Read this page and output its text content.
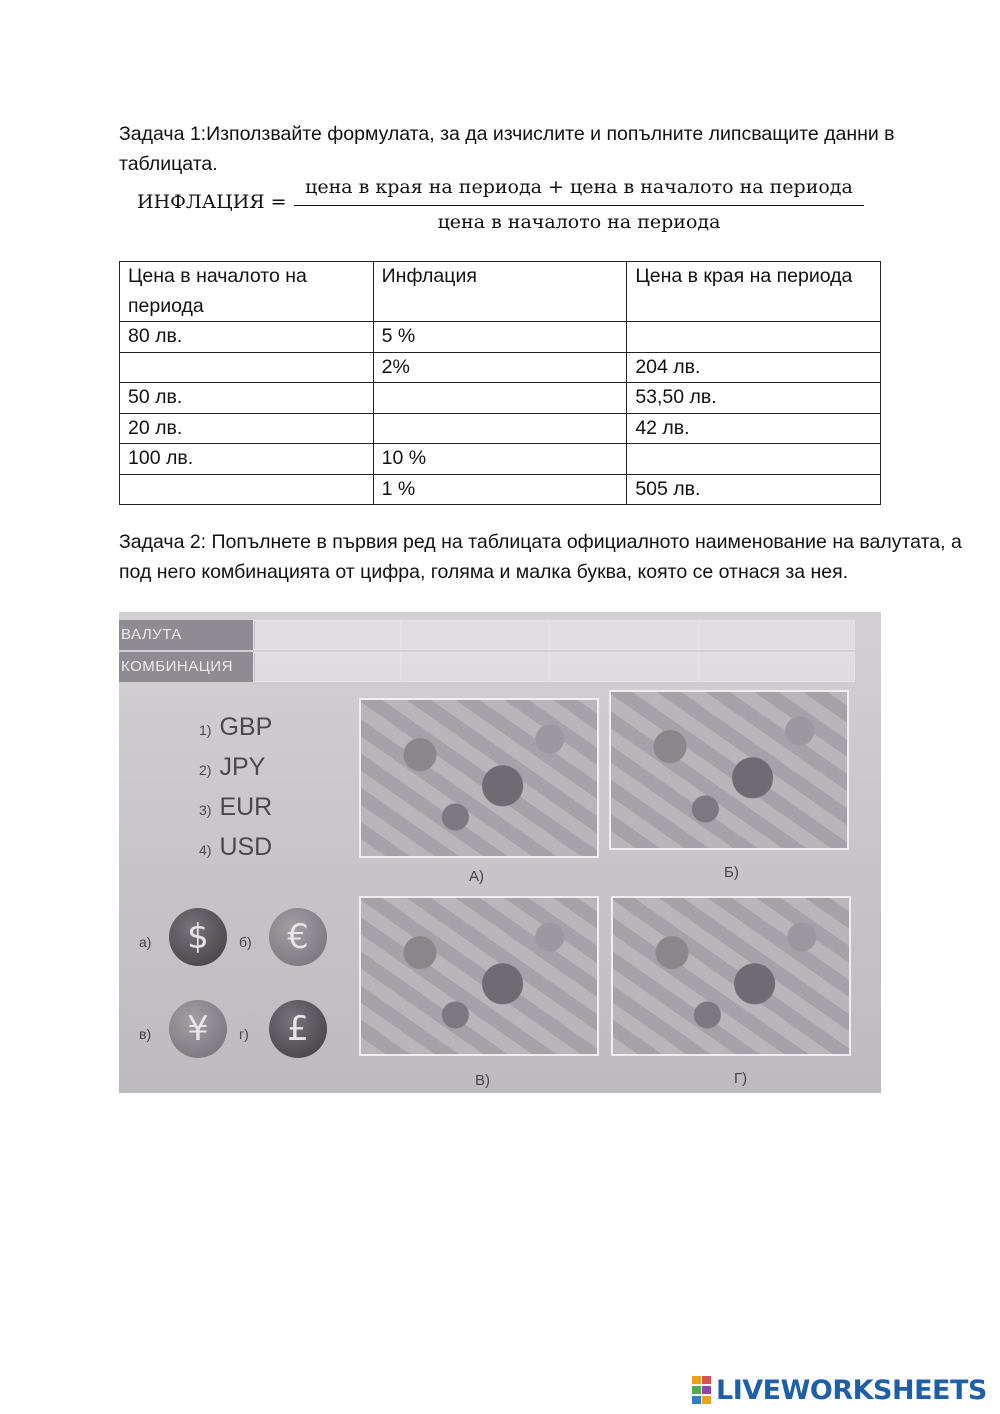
Задача 1:Използвайте формулата, за да изчислите и попълните липсващите данни в таблицата.

ИНФЛАЦИЯ =
цена в края на периода + цена в началото на периода
цена в началото на периода
Цена в началото на периода	Инфлация	Цена в края на периода
80 лв.	5 %	
	2%	204 лв.
50 лв.		53,50 лв.
20 лв.		42 лв.
100 лв.	10 %	
	1 %	505 лв.

Задача 2: Попълнете в първия ред на таблицата официалното наименование на валутата, а под него комбинацията от цифра, голяма и малка буква, която се отнася за нея.

ВАЛУТА
КОМБИНАЦИЯ
1) GBP
2) JPY
3) EUR
4) USD
а)	$	б)	€
в)	¥	г)	£
А)	Б)
В)	Г)
LIVEWORKSHEETS
